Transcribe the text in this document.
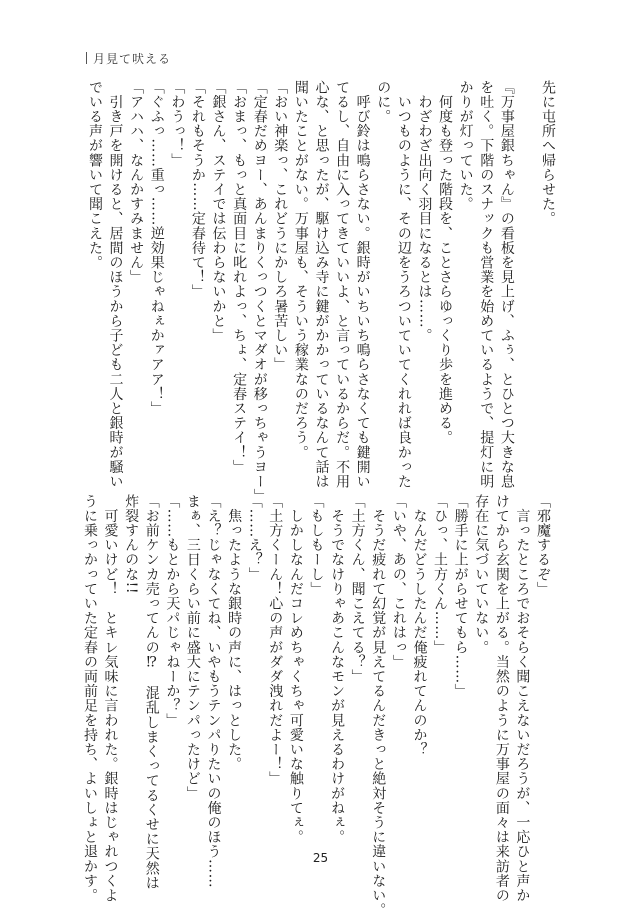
月見て吠える
先に屯所へ帰らせた。

『万事屋銀ちゃん』の看板を見上げ、ふぅ、とひとつ大きな息
を吐く。下階のスナックも営業を始めているようで、提灯に明
かりが灯っていた。
　何度も登った階段を、ことさらゆっくり歩を進める。
　わざわざ出向く羽目になるとは……。
　いつものように、その辺をうろついていてくれれば良かった
のに。
　呼び鈴は鳴らさない。銀時がいちいち鳴らさなくても鍵開い
てるし、自由に入ってきていいよ、と言っているからだ。不用
心な、と思ったが、駆け込み寺に鍵がかかっているなんて話は
聞いたことがない。万事屋も、そういう稼業なのだろう。
「おい神楽っ、これどうにかしろ暑苦しい」
「定春だめヨー、あんまりくっつくとマダオが移っちゃうヨー」
「おまっ、もっと真面目に叱れよっ、ちょ、定春ステイ！」
「銀さん、ステイでは伝わらないかと」
「それもそうか……定春待て！」
「わうっ！」
「ぐふっ……重っ……逆効果じゃねぇかァアア！」
「アハハ、なんかすみません」
　引き戸を開けると、居間のほうから子ども二人と銀時が騒い
でいる声が響いて聞こえた。
「邪魔するぞ」
　言ったところでおそらく聞こえないだろうが、一応ひと声か
けてから玄関を上がる。当然のように万事屋の面々は来訪者の
存在に気づいていない。
「勝手に上がらせてもら……」
「ひっ、土方くん……」
　なんだどうしたんだ俺疲れてんのか？
「いや、あの、これはっ」
　そうだ疲れて幻覚が見えてるんだきっと絶対そうに違いない。
「土方くん、聞こえてる？」
　そうでなけりゃあこんなモンが見えるわけがねぇ。
「もしもーし」
　しかしなんだコレめちゃくちゃ可愛いな触りてぇ。
「土方くーん！心の声がダダ洩れだよー！」
「……え？」
　焦ったような銀時の声に、はっとした。
「え？じゃなくてね、いやもうテンパりたいの俺のほう……
まぁ、三日くらい前に盛大にテンパったけど」
「……もとから天パじゃねーか？」
「お前ケンカ売ってんの⁉　混乱しまくってるくせに天然は
炸裂すんのな!!
　可愛いけど！　とキレ気味に言われた。銀時はじゃれつくよ
うに乗っかっていた定春の両前足を持ち、よいしょと退かす。	25
